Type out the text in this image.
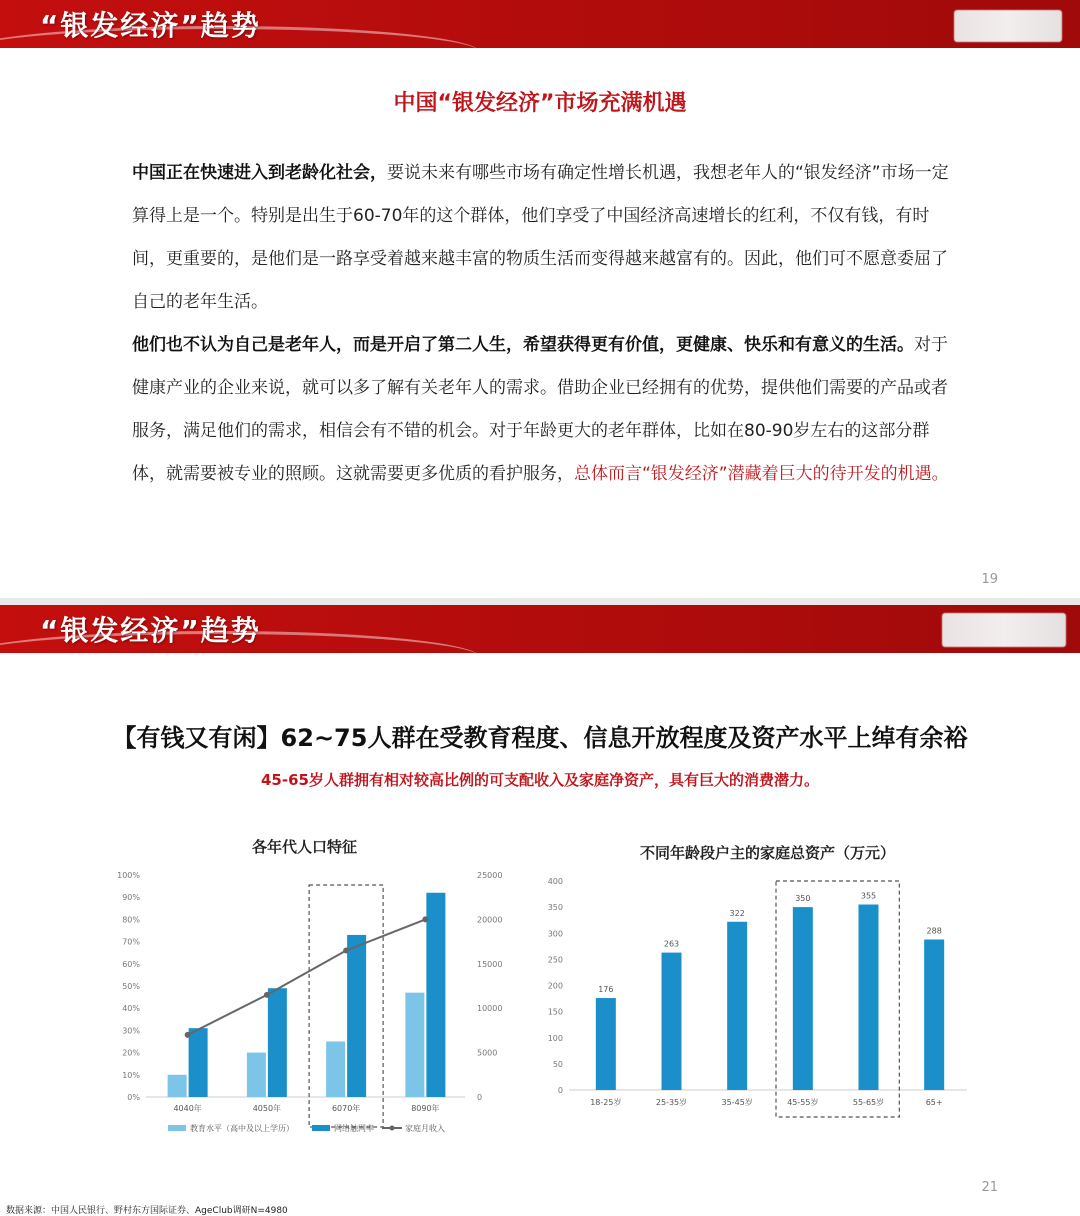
“银发经济”趋势
中国“银发经济”市场充满机遇
中国正在快速进入到老龄化社会，要说未来有哪些市场有确定性增长机遇，我想老年人的“银发经济”市场一定算得上是一个。特别是出生于60-70年的这个群体，他们享受了中国经济高速增长的红利，不仅有钱，有时间，更重要的，是他们是一路享受着越来越丰富的物质生活而变得越来越富有的。因此，他们可不愿意委屈了自己的老年生活。
他们也不认为自己是老年人，而是开启了第二人生，希望获得更有价值，更健康、快乐和有意义的生活。对于健康产业的企业来说，就可以多了解有关老年人的需求。借助企业已经拥有的优势，提供他们需要的产品或者服务，满足他们的需求，相信会有不错的机会。对于年龄更大的老年群体，比如在80-90岁左右的这部分群体，就需要被专业的照顾。这就需要更多优质的看护服务，总体而言“银发经济”潜藏着巨大的待开发的机遇。
19
“银发经济”趋势
【有钱又有闲】62~75人群在受教育程度、信息开放程度及资产水平上绰有余裕
45-65岁人群拥有相对较高比例的可支配收入及家庭净资产，具有巨大的消费潜力。
各年代人口特征	不同年龄段户主的家庭总资产（万元）
0%
10%
20%
30%
40%
50%
60%
70%
80%
90%
100%
0
5000
10000
15000
20000
25000
4040年	4050年	6070年	8090年
教育水平（高中及以上学历）	网络触网率	家庭月收入
0
50
100
150
200
250
300
350
400
176
18-25岁
263
25-35岁
322
35-45岁
350
45-55岁
355
55-65岁
288
65+
21
数据来源：中国人民银行、野村东方国际证券、AgeClub调研N=4980
